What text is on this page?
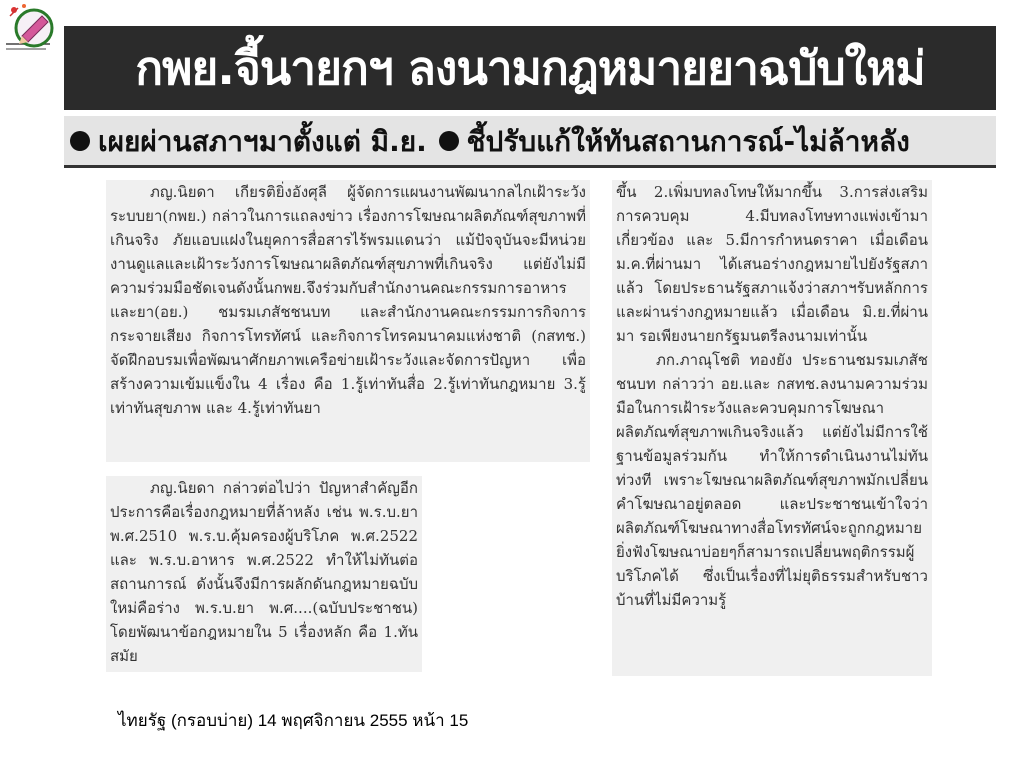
กพย.จี้นายกฯ ลงนามกฎหมายยาฉบับใหม่
เผยผ่านสภาฯมาตั้งแต่ มิ.ย. ชี้ปรับแก้ให้ทันสถานการณ์-ไม่ล้าหลัง

ภญ.นิยดา เกียรติยิ่งอังศุลี ผู้จัดการแผนงานพัฒนากลไกเฝ้าระวังระบบยา(กพย.) กล่าวในการแถลงข่าว เรื่องการโฆษณาผลิตภัณฑ์สุขภาพที่เกินจริง ภัยแอบแฝงในยุคการสื่อสารไร้พรมแดนว่า แม้ปัจจุบันจะมีหน่วยงานดูแลและเฝ้าระวังการโฆษณาผลิตภัณฑ์สุขภาพที่เกินจริง แต่ยังไม่มีความร่วมมือชัดเจนดังนั้นกพย.จึงร่วมกับสำนักงานคณะกรรมการอาหารและยา(อย.) ชมรมเภสัชชนบท และสำนักงานคณะกรรมการกิจการกระจายเสียง กิจการโทรทัศน์ และกิจการโทรคมนาคมแห่งชาติ (กสทช.) จัดฝึกอบรมเพื่อพัฒนาศักยภาพเครือข่ายเฝ้าระวังและจัดการปัญหา เพื่อสร้างความเข้มแข็งใน 4 เรื่อง คือ 1.รู้เท่าทันสื่อ 2.รู้เท่าทันกฎหมาย 3.รู้เท่าทันสุขภาพ และ 4.รู้เท่าทันยา

ภญ.นิยดา กล่าวต่อไปว่า ปัญหาสำคัญอีกประการคือเรื่องกฎหมายที่ล้าหลัง เช่น พ.ร.บ.ยา พ.ศ.2510 พ.ร.บ.คุ้มครองผู้บริโภค พ.ศ.2522 และ พ.ร.บ.อาหาร พ.ศ.2522 ทำให้ไม่ทันต่อสถานการณ์ ดังนั้นจึงมีการผลักดันกฎหมายฉบับใหม่คือร่าง พ.ร.บ.ยา พ.ศ....(ฉบับประชาชน) โดยพัฒนาข้อกฎหมายใน 5 เรื่องหลัก คือ 1.ทันสมัย

ขึ้น 2.เพิ่มบทลงโทษให้มากขึ้น 3.การส่งเสริมการควบคุม 4.มีบทลงโทษทางแพ่งเข้ามาเกี่ยวข้อง และ 5.มีการกำหนดราคา เมื่อเดือน ม.ค.ที่ผ่านมา ได้เสนอร่างกฎหมายไปยังรัฐสภาแล้ว โดยประธานรัฐสภาแจ้งว่าสภาฯรับหลักการและผ่านร่างกฎหมายแล้ว เมื่อเดือน มิ.ย.ที่ผ่านมา รอเพียงนายกรัฐมนตรีลงนามเท่านั้น

ภก.ภาณุโชติ ทองยัง ประธานชมรมเภสัชชนบท กล่าวว่า อย.และ กสทช.ลงนามความร่วมมือในการเฝ้าระวังและควบคุมการโฆษณาผลิตภัณฑ์สุขภาพเกินจริงแล้ว แต่ยังไม่มีการใช้ฐานข้อมูลร่วมกัน ทำให้การดำเนินงานไม่ทันท่วงที เพราะโฆษณาผลิตภัณฑ์สุขภาพมักเปลี่ยนคำโฆษณาอยู่ตลอด และประชาชนเข้าใจว่าผลิตภัณฑ์โฆษณาทางสื่อโทรทัศน์จะถูกกฎหมาย ยิ่งฟังโฆษณาบ่อยๆก็สามารถเปลี่ยนพฤติกรรมผู้บริโภคได้ ซึ่งเป็นเรื่องที่ไม่ยุติธรรมสำหรับชาวบ้านที่ไม่มีความรู้

ไทยรัฐ (กรอบบ่าย) 14 พฤศจิกายน 2555 หน้า 15
